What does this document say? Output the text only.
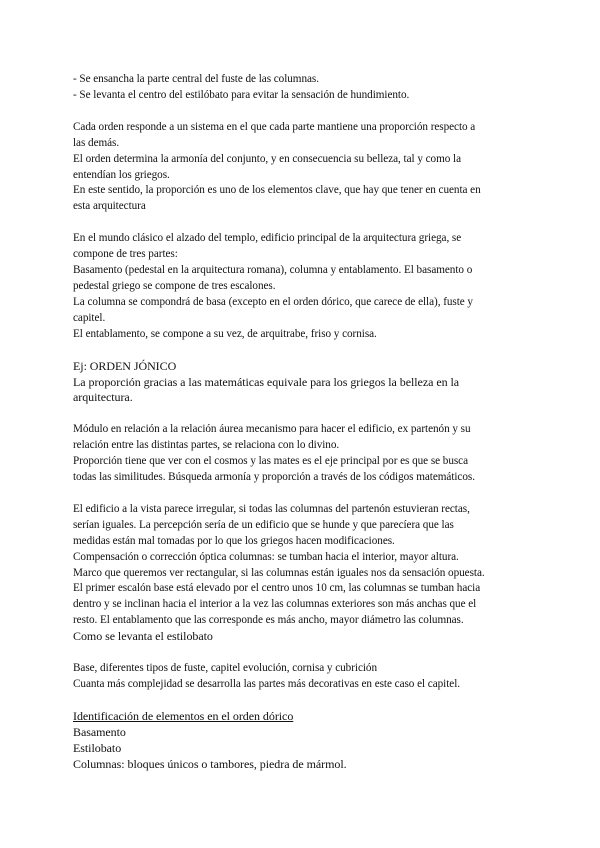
- Se ensancha la parte central del fuste de las columnas.
- Se levanta el centro del estilóbato para evitar la sensación de hundimiento.
Cada orden responde a un sistema en el que cada parte mantiene una proporción respecto a
las demás.
El orden determina la armonía del conjunto, y en consecuencia su belleza, tal y como la
entendían los griegos.
En este sentido, la proporción es uno de los elementos clave, que hay que tener en cuenta en
esta arquitectura
En el mundo clásico el alzado del templo, edificio principal de la arquitectura griega, se
compone de tres partes:
Basamento (pedestal en la arquitectura romana), columna y entablamento. El basamento o
pedestal griego se compone de tres escalones.
La columna se compondrá de basa (excepto en el orden dórico, que carece de ella), fuste y
capitel.
El entablamento, se compone a su vez, de arquitrabe, friso y cornisa.
Ej: ORDEN JÓNICO
La proporción gracias a las matemáticas equivale para los griegos la belleza en la
arquitectura.
Módulo en relación a la relación áurea mecanismo para hacer el edificio, ex partenón y su
relación entre las distintas partes, se relaciona con lo divino.
Proporción tiene que ver con el cosmos y las mates es el eje principal por es que se busca
todas las similitudes. Búsqueda armonía y proporción a través de los códigos matemáticos.
El edificio a la vista parece irregular, si todas las columnas del partenón estuvieran rectas,
serían iguales. La percepción sería de un edificio que se hunde y que parecíera que las
medidas están mal tomadas por lo que los griegos hacen modificaciones.
Compensación o corrección óptica columnas: se tumban hacia el interior, mayor altura.
Marco que queremos ver rectangular, si las columnas están iguales nos da sensación opuesta.
El primer escalón base está elevado por el centro unos 10 cm, las columnas se tumban hacia
dentro y se inclinan hacia el interior a la vez las columnas exteriores son más anchas que el
resto. El entablamento que las corresponde es más ancho, mayor diámetro las columnas.
Como se levanta el estilobato
Base, diferentes tipos de fuste, capitel evolución, cornisa y cubrición
Cuanta más complejidad se desarrolla las partes más decorativas en este caso el capitel.
Identificación de elementos en el orden dórico
Basamento
Estilobato
Columnas: bloques únicos o tambores, piedra de mármol.
